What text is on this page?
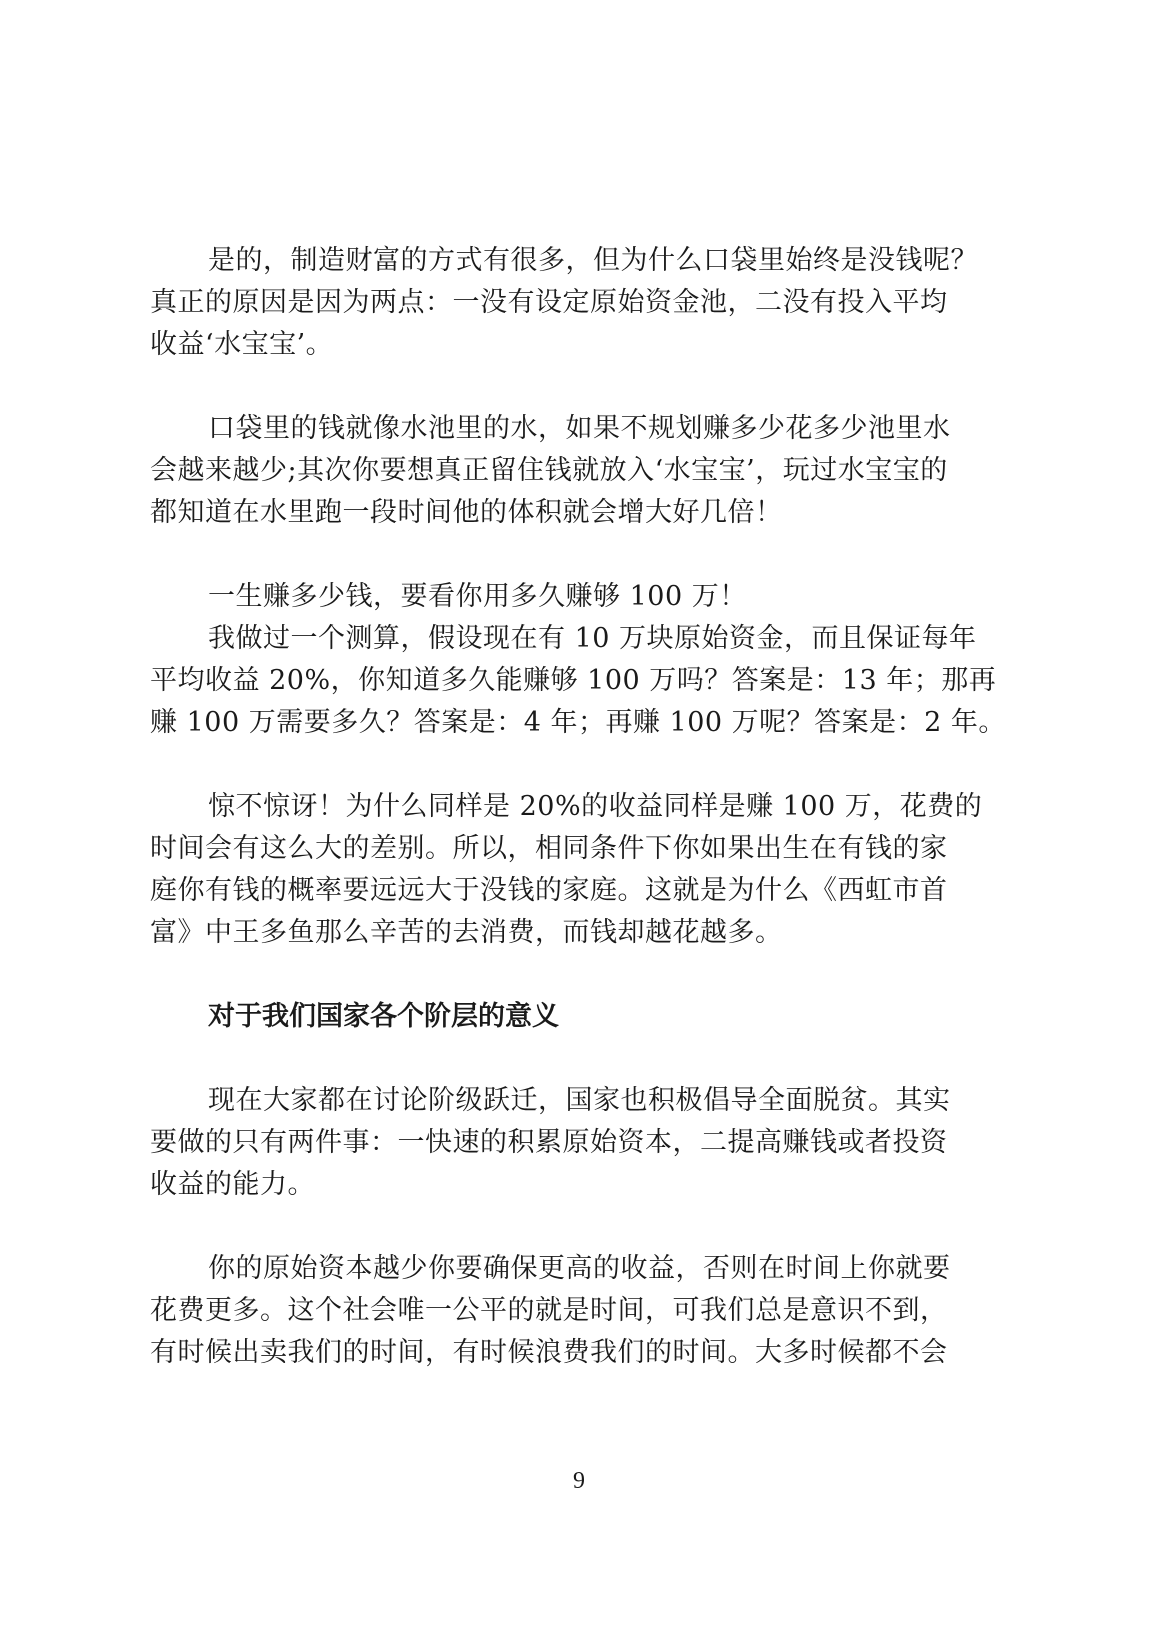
是的，制造财富的方式有很多，但为什么口袋里始终是没钱呢？
真正的原因是因为两点：一没有设定原始资金池，二没有投入平均
收益‘水宝宝’。

口袋里的钱就像水池里的水，如果不规划赚多少花多少池里水
会越来越少;其次你要想真正留住钱就放入‘水宝宝’，玩过水宝宝的
都知道在水里跑一段时间他的体积就会增大好几倍！

一生赚多少钱，要看你用多久赚够 100 万！

我做过一个测算，假设现在有 10 万块原始资金，而且保证每年
平均收益 20%，你知道多久能赚够 100 万吗？答案是：13 年；那再
赚 100 万需要多久？答案是：4 年；再赚 100 万呢？答案是：2 年。

惊不惊讶！为什么同样是 20%的收益同样是赚 100 万，花费的
时间会有这么大的差别。所以，相同条件下你如果出生在有钱的家
庭你有钱的概率要远远大于没钱的家庭。这就是为什么《西虹市首
富》中王多鱼那么辛苦的去消费，而钱却越花越多。

对于我们国家各个阶层的意义

现在大家都在讨论阶级跃迁，国家也积极倡导全面脱贫。其实
要做的只有两件事：一快速的积累原始资本，二提高赚钱或者投资
收益的能力。

你的原始资本越少你要确保更高的收益，否则在时间上你就要
花费更多。这个社会唯一公平的就是时间，可我们总是意识不到，
有时候出卖我们的时间，有时候浪费我们的时间。大多时候都不会

9
